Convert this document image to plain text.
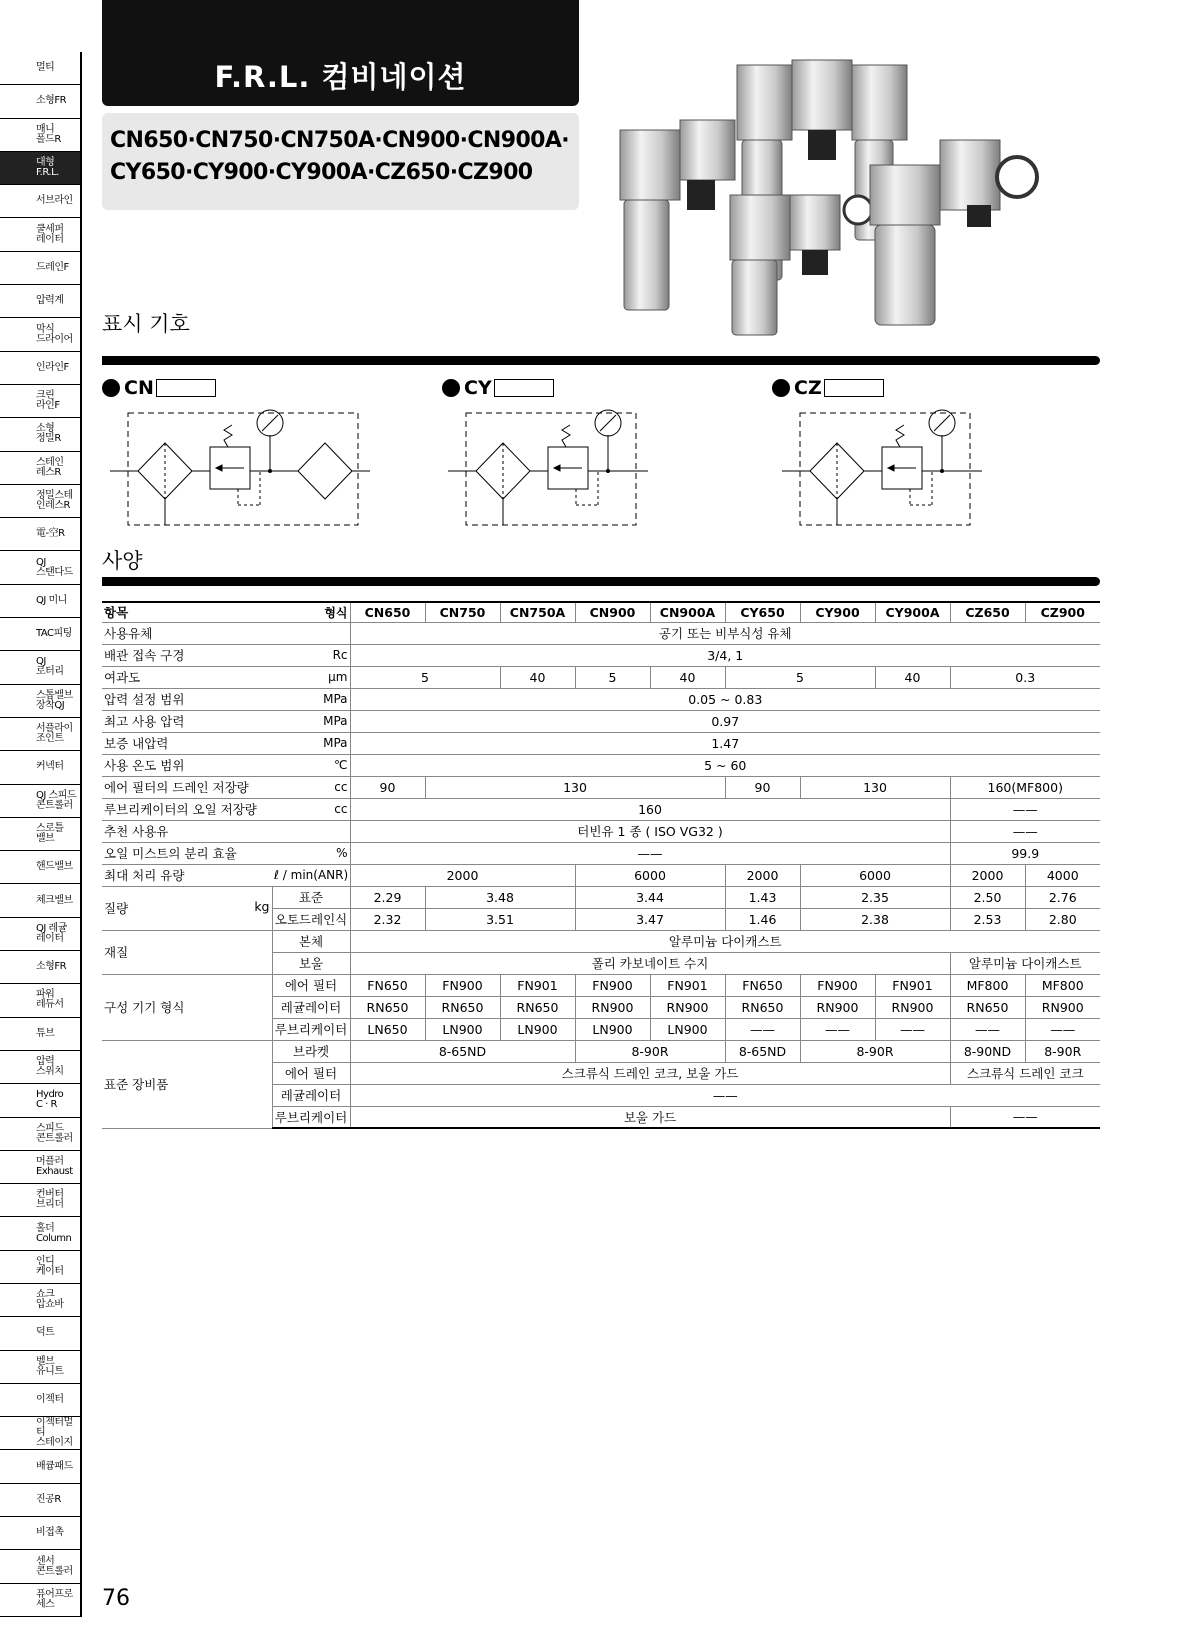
멀티
소형FR
매니
폴드R
대형
F.R.L.
서브라인
쿨세퍼
레이터
드레인F
압력계
막식
드라이어
인라인F
크린
라인F
소형
정밀R
스테인
레스R
정밀스테
인레스R
電-空R
QJ
스탠다드
QJ 미니
TAC피팅
QJ
로터리
스톱밸브
장착QJ
서플라이
조인트
커넥터
QJ 스피드
콘트롤러
스로틀
밸브
핸드밸브
체크밸브
QJ 레귤
레이터
소형FR
파워
레듀서
튜브
압력
스위치
Hydro
C · R
스피드
콘트롤러
머플러
Exhaust
컨버터
브리더
홀더
Column
인디
케이터
쇼크
압쇼바
덕트
벨브
유니트
이젝터
이젝터멀티
스테이지
배큠패드
진공R
비접촉
센서
콘트롤러
퓨어프로
세스
F.R.L. 컴비네이션
CN650·CN750·CN750A·CN900·CN900A·
CY650·CY900·CY900A·CZ650·CZ900
표시 기호
CN	CY	CZ
사양
항목	형식	CN650	CN750	CN750A	CN900	CN900A	CY650	CY900	CY900A	CZ650	CZ900
사용유체		공기 또는 비부식성 유체									
배관 접속 구경	Rc	3/4, 1									
여과도	μm	5		40	5	40	5		40	0.3	
압력 설정 범위	MPa	0.05 ~ 0.83									
최고 사용 압력	MPa	0.97									
보증 내압력	MPa	1.47									
사용 온도 범위	℃	5 ~ 60									
에어 필터의 드레인 저장량	cc	90	130				90	130		160(MF800)	
루브리케이터의 오일 저장량	cc	160								——	
추천 사용유		터빈유 1 종 ( ISO VG32 )								——	
오일 미스트의 분리 효율	%	——								99.9	
최대 처리 유량	ℓ / min(ANR)	2000			6000		2000	6000		2000	4000
질량 kg	표준	2.29	3.48		3.44		1.43	2.35		2.50	2.76
	오토드레인식	2.32	3.51		3.47		1.46	2.38		2.53	2.80
재질	본체	알루미늄 다이캐스트									
	보울	폴리 카보네이트 수지								알루미늄 다이캐스트	
구성 기기 형식	에어 필터	FN650	FN900	FN901	FN900	FN901	FN650	FN900	FN901	MF800	MF800
	레귤레이터	RN650	RN650	RN650	RN900	RN900	RN650	RN900	RN900	RN650	RN900
	루브리케이터	LN650	LN900	LN900	LN900	LN900	——	——	——	——	——
표준 장비품	브라켓	8-65ND			8-90R		8-65ND	8-90R		8-90ND	8-90R
	에어 필터	스크류식 드레인 코크, 보울 가드								스크류식 드레인 코크	
	레귤레이터	——									
	루브리케이터	보울 가드								——	
76
